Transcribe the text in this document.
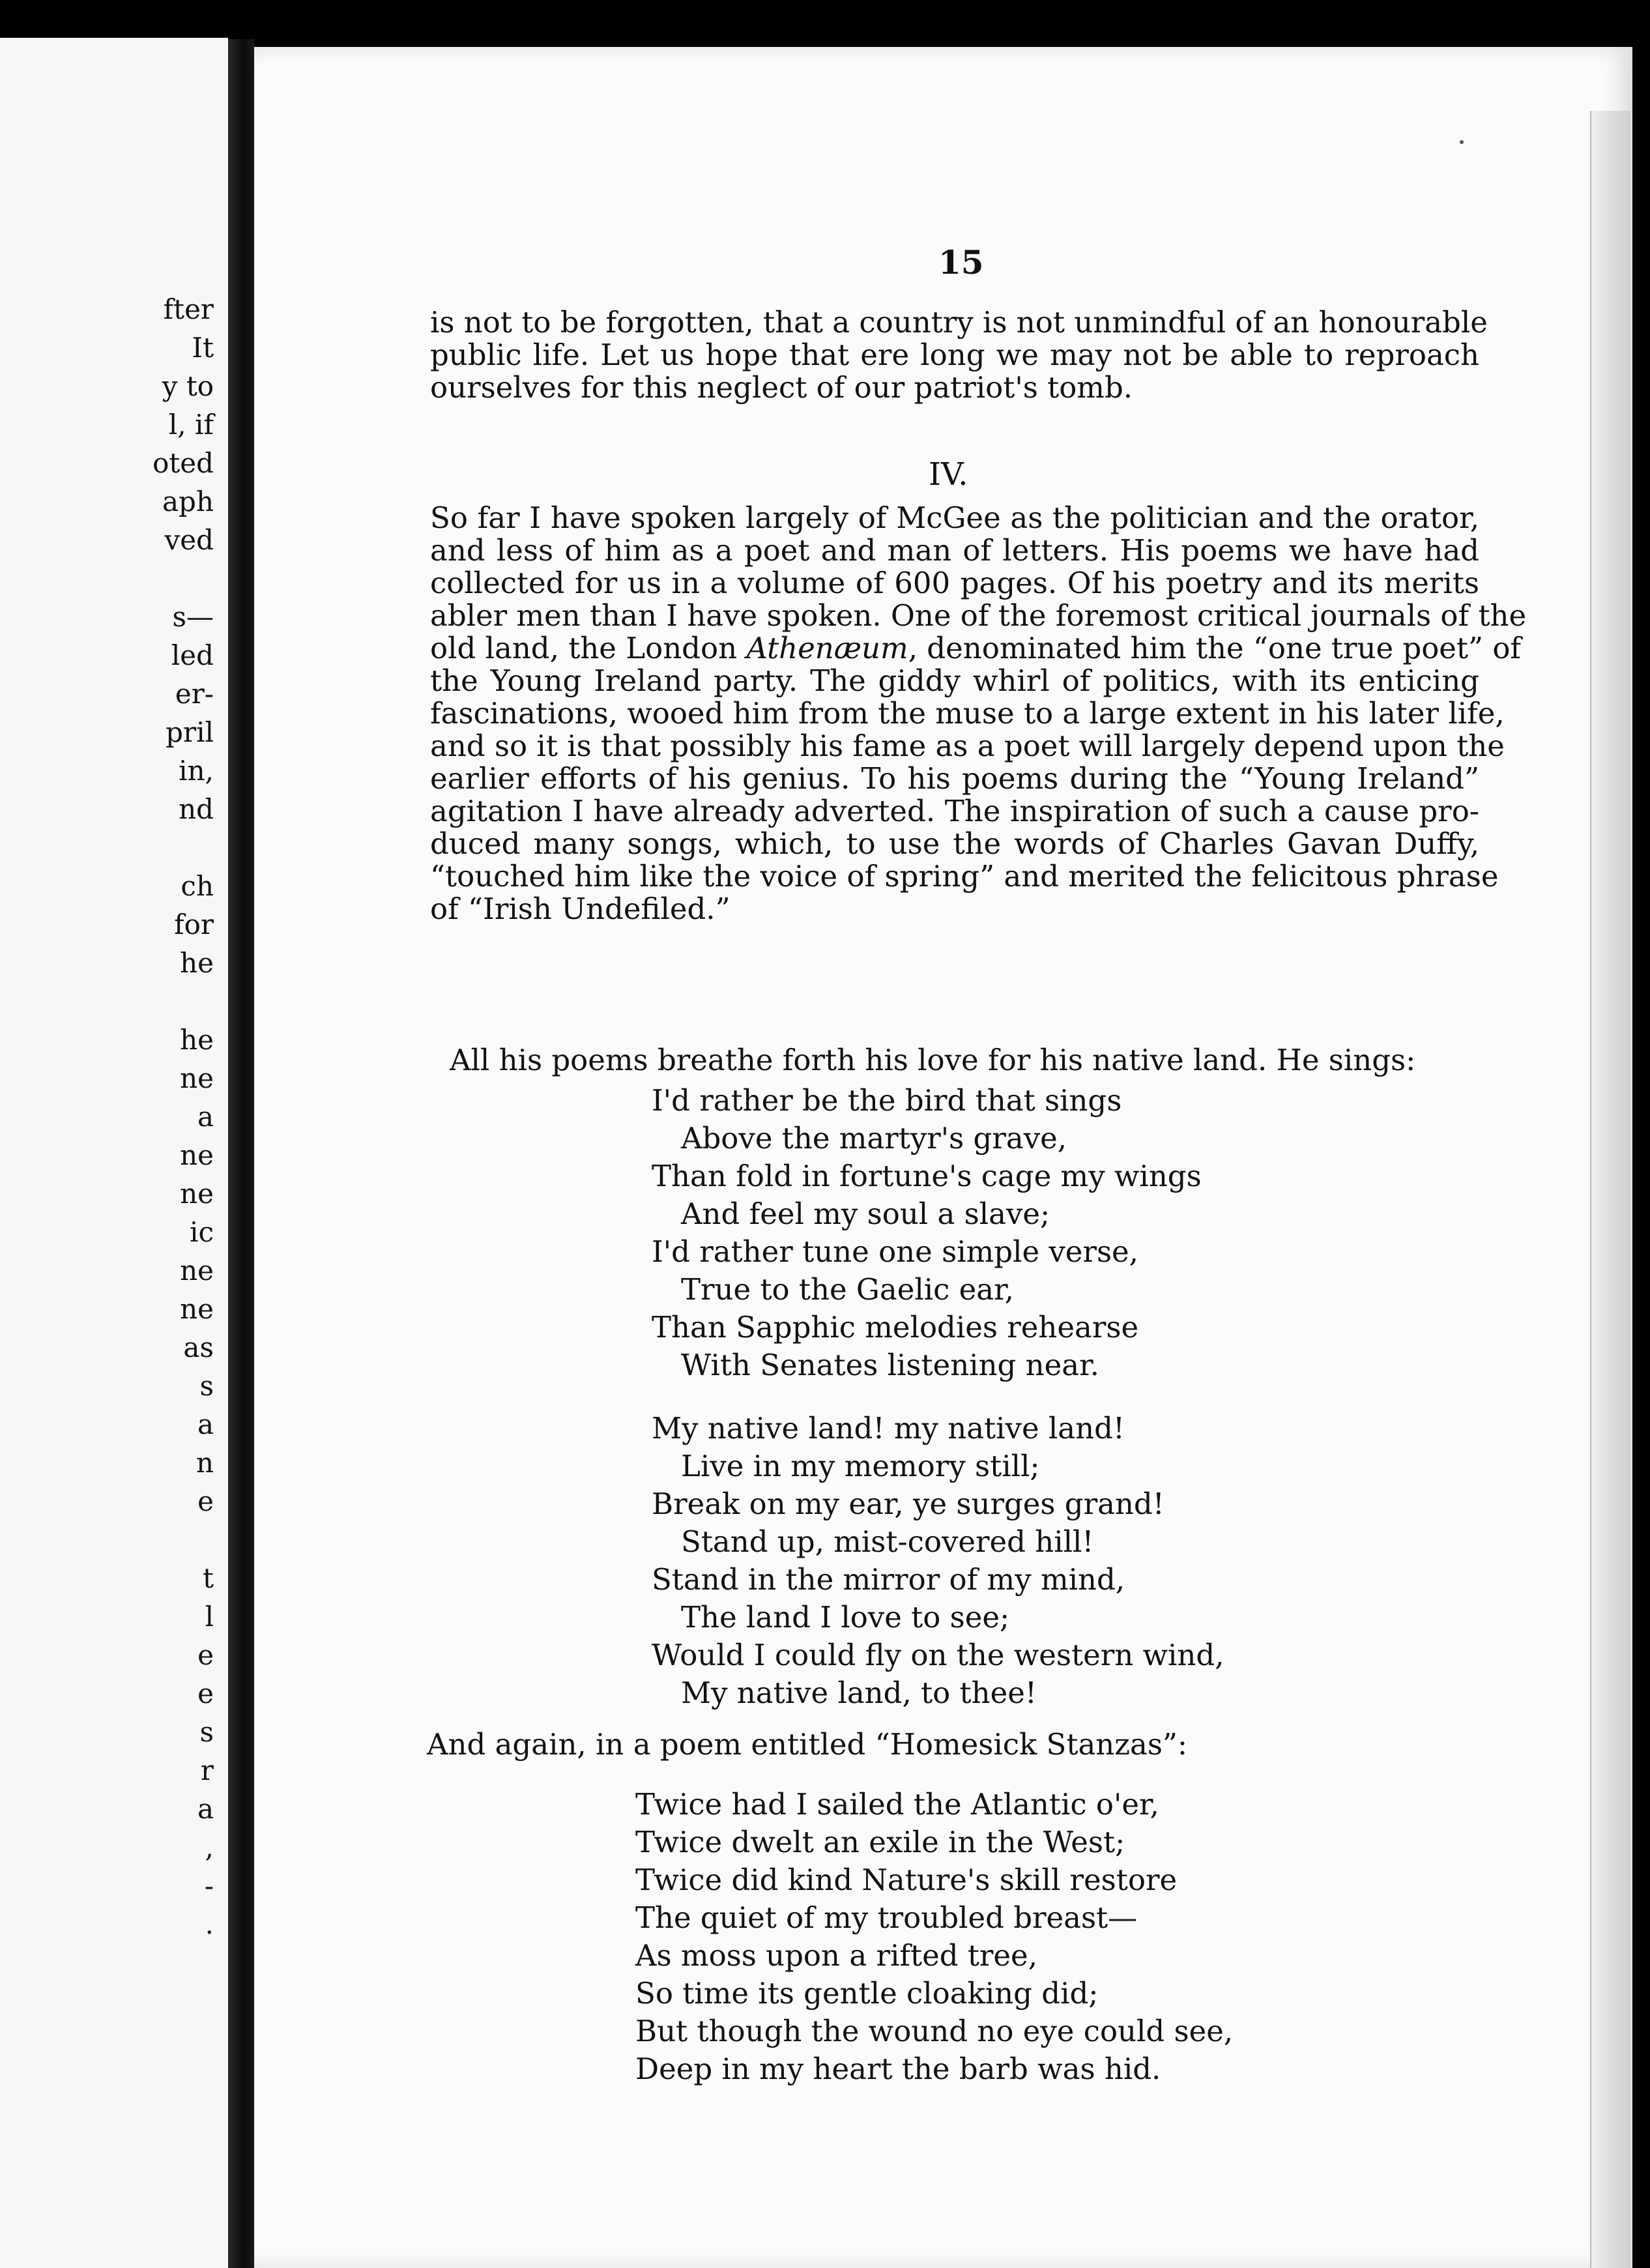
fter
It
y to
l, if
oted
aph
ved
s—
led
er-
pril
in,
nd
ch
for
he
he
ne
a
ne
ne
ic
ne
ne
as
s
a
n
e
t
l
e
e
s
r
a
,
-
.
15
is not to be forgotten, that a country is not unmindful of an honourable
public life. Let us hope that ere long we may not be able to reproach
ourselves for this neglect of our patriot's tomb.
IV.
So far I have spoken largely of McGee as the politician and the orator,
and less of him as a poet and man of letters. His poems we have had
collected for us in a volume of 600 pages. Of his poetry and its merits
abler men than I have spoken. One of the foremost critical journals of the
old land, the London Athenæum, denominated him the “one true poet” of
the Young Ireland party. The giddy whirl of politics, with its enticing
fascinations, wooed him from the muse to a large extent in his later life,
and so it is that possibly his fame as a poet will largely depend upon the
earlier efforts of his genius. To his poems during the “Young Ireland”
agitation I have already adverted. The inspiration of such a cause pro-
duced many songs, which, to use the words of Charles Gavan Duffy,
“touched him like the voice of spring” and merited the felicitous phrase
of “Irish Undefiled.”
All his poems breathe forth his love for his native land. He sings:
I'd rather be the bird that sings
Above the martyr's grave,
Than fold in fortune's cage my wings
And feel my soul a slave;
I'd rather tune one simple verse,
True to the Gaelic ear,
Than Sapphic melodies rehearse
With Senates listening near.
My native land! my native land!
Live in my memory still;
Break on my ear, ye surges grand!
Stand up, mist-covered hill!
Stand in the mirror of my mind,
The land I love to see;
Would I could fly on the western wind,
My native land, to thee!
And again, in a poem entitled “Homesick Stanzas”:
Twice had I sailed the Atlantic o'er,
Twice dwelt an exile in the West;
Twice did kind Nature's skill restore
The quiet of my troubled breast—
As moss upon a rifted tree,
So time its gentle cloaking did;
But though the wound no eye could see,
Deep in my heart the barb was hid.
